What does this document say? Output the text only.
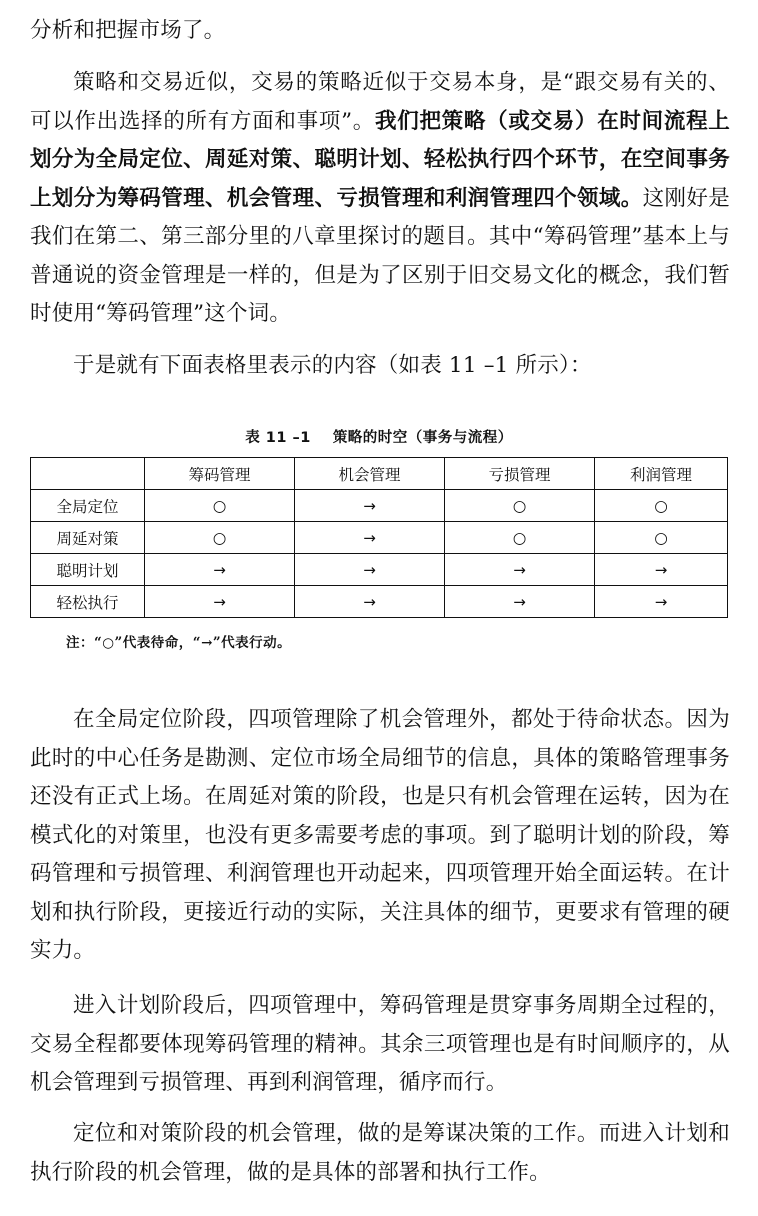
分析和把握市场了。

策略和交易近似，交易的策略近似于交易本身，是“跟交易有关的、可以作出选择的所有方面和事项”。我们把策略（或交易）在时间流程上划分为全局定位、周延对策、聪明计划、轻松执行四个环节，在空间事务上划分为筹码管理、机会管理、亏损管理和利润管理四个领域。这刚好是我们在第二、第三部分里的八章里探讨的题目。其中“筹码管理”基本上与普通说的资金管理是一样的，但是为了区别于旧交易文化的概念，我们暂时使用“筹码管理”这个词。

于是就有下面表格里表示的内容（如表 11 –1 所示）：

表 11 –1 策略的时空（事务与流程）
	筹码管理	机会管理	亏损管理	利润管理
全局定位	○	→	○	○
周延对策	○	→	○	○
聪明计划	→	→	→	→
轻松执行	→	→	→	→
注：“○”代表待命，“→”代表行动。

在全局定位阶段，四项管理除了机会管理外，都处于待命状态。因为此时的中心任务是勘测、定位市场全局细节的信息，具体的策略管理事务还没有正式上场。在周延对策的阶段，也是只有机会管理在运转，因为在模式化的对策里，也没有更多需要考虑的事项。到了聪明计划的阶段，筹码管理和亏损管理、利润管理也开动起来，四项管理开始全面运转。在计划和执行阶段，更接近行动的实际，关注具体的细节，更要求有管理的硬实力。

进入计划阶段后，四项管理中，筹码管理是贯穿事务周期全过程的，交易全程都要体现筹码管理的精神。其余三项管理也是有时间顺序的，从机会管理到亏损管理、再到利润管理，循序而行。

定位和对策阶段的机会管理，做的是筹谋决策的工作。而进入计划和执行阶段的机会管理，做的是具体的部署和执行工作。
